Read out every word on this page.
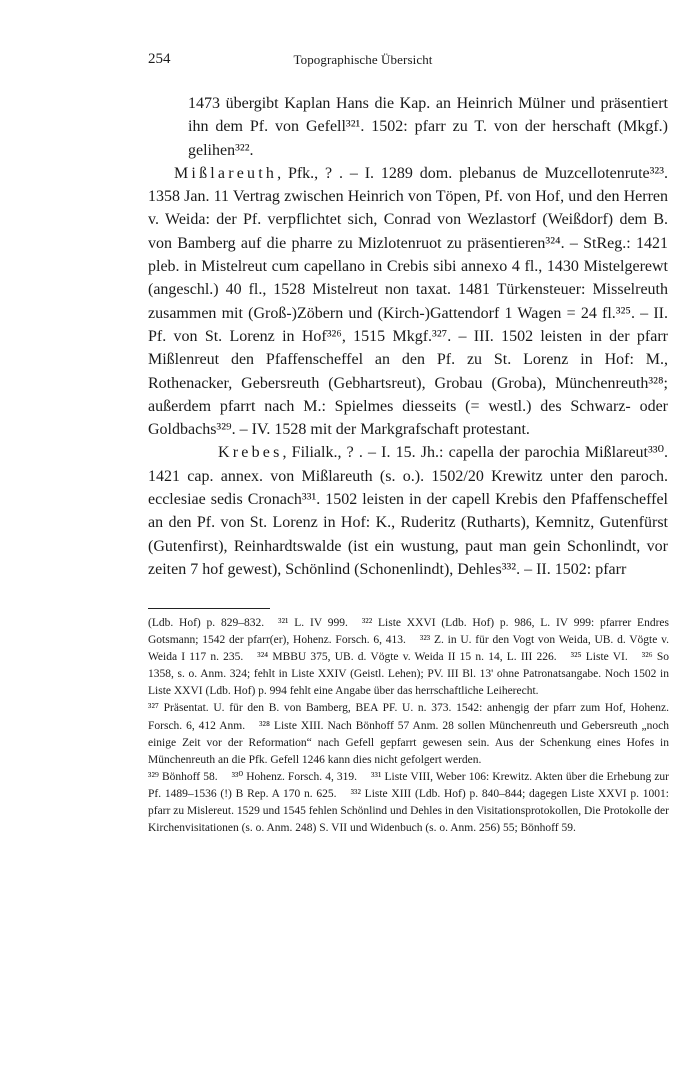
254	Topographische Übersicht

1473 übergibt Kaplan Hans die Kap. an Heinrich Mülner und präsentiert ihn dem Pf. von Gefell³²¹. 1502: pfarr zu T. von der herschaft (Mkgf.) gelihen³²².

Mißlareuth, Pfk., ? . – I. 1289 dom. plebanus de Muzcellotenrute³²³. 1358 Jan. 11 Vertrag zwischen Heinrich von Töpen, Pf. von Hof, und den Herren v. Weida: der Pf. verpflichtet sich, Conrad von Wezlastorf (Weißdorf) dem B. von Bamberg auf die pharre zu Mizlotenruot zu präsentieren³²⁴. – StReg.: 1421 pleb. in Mistelreut cum capellano in Crebis sibi annexo 4 fl., 1430 Mistelgerewt (angeschl.) 40 fl., 1528 Mistelreut non taxat. 1481 Türkensteuer: Misselreuth zusammen mit (Groß-)Zöbern und (Kirch-)Gattendorf 1 Wagen = 24 fl.³²⁵. – II. Pf. von St. Lorenz in Hof³²⁶, 1515 Mkgf.³²⁷. – III. 1502 leisten in der pfarr Mißlenreut den Pfaffenscheffel an den Pf. zu St. Lorenz in Hof: M., Rothenacker, Gebersreuth (Gebhartsreut), Grobau (Groba), Münchenreuth³²⁸; außerdem pfarrt nach M.: Spielmes diesseits (= westl.) des Schwarz- oder Goldbachs³²⁹. – IV. 1528 mit der Markgrafschaft protestant.

Krebes, Filialk., ? . – I. 15. Jh.: capella der parochia Mißlareut³³⁰. 1421 cap. annex. von Mißlareuth (s. o.). 1502/20 Krewitz unter den paroch. ecclesiae sedis Cronach³³¹. 1502 leisten in der capell Krebis den Pfaffenscheffel an den Pf. von St. Lorenz in Hof: K., Ruderitz (Rutharts), Kemnitz, Gutenfürst (Gutenfirst), Reinhardtswalde (ist ein wustung, paut man gein Schonlindt, vor zeiten 7 hof gewest), Schönlind (Schonenlindt), Dehles³³². – II. 1502: pfarr

(Ldb. Hof) p. 829–832. ³²¹ L. IV 999. ³²² Liste XXVI (Ldb. Hof) p. 986, L. IV 999: pfarrer Endres Gotsmann; 1542 der pfarr(er), Hohenz. Forsch. 6, 413. ³²³ Z. in U. für den Vogt von Weida, UB. d. Vögte v. Weida I 117 n. 235. ³²⁴ MBBU 375, UB. d. Vögte v. Weida II 15 n. 14, L. III 226. ³²⁵ Liste VI. ³²⁶ So 1358, s. o. Anm. 324; fehlt in Liste XXIV (Geistl. Lehen); PV. III Bl. 13' ohne Patronatsangabe. Noch 1502 in Liste XXVI (Ldb. Hof) p. 994 fehlt eine Angabe über das herrschaftliche Leiherecht.

³²⁷ Präsentat. U. für den B. von Bamberg, BEA PF. U. n. 373. 1542: anhengig der pfarr zum Hof, Hohenz. Forsch. 6, 412 Anm. ³²⁸ Liste XIII. Nach Bönhoff 57 Anm. 28 sollen Münchenreuth und Gebersreuth „noch einige Zeit vor der Reformation“ nach Gefell gepfarrt gewesen sein. Aus der Schenkung eines Hofes in Münchenreuth an die Pfk. Gefell 1246 kann dies nicht gefolgert werden.

³²⁹ Bönhoff 58. ³³⁰ Hohenz. Forsch. 4, 319. ³³¹ Liste VIII, Weber 106: Krewitz. Akten über die Erhebung zur Pf. 1489–1536 (!) B Rep. A 170 n. 625. ³³² Liste XIII (Ldb. Hof) p. 840–844; dagegen Liste XXVI p. 1001: pfarr zu Mislereut. 1529 und 1545 fehlen Schönlind und Dehles in den Visitationsprotokollen, Die Protokolle der Kirchenvisitationen (s. o. Anm. 248) S. VII und Widenbuch (s. o. Anm. 256) 55; Bönhoff 59.
